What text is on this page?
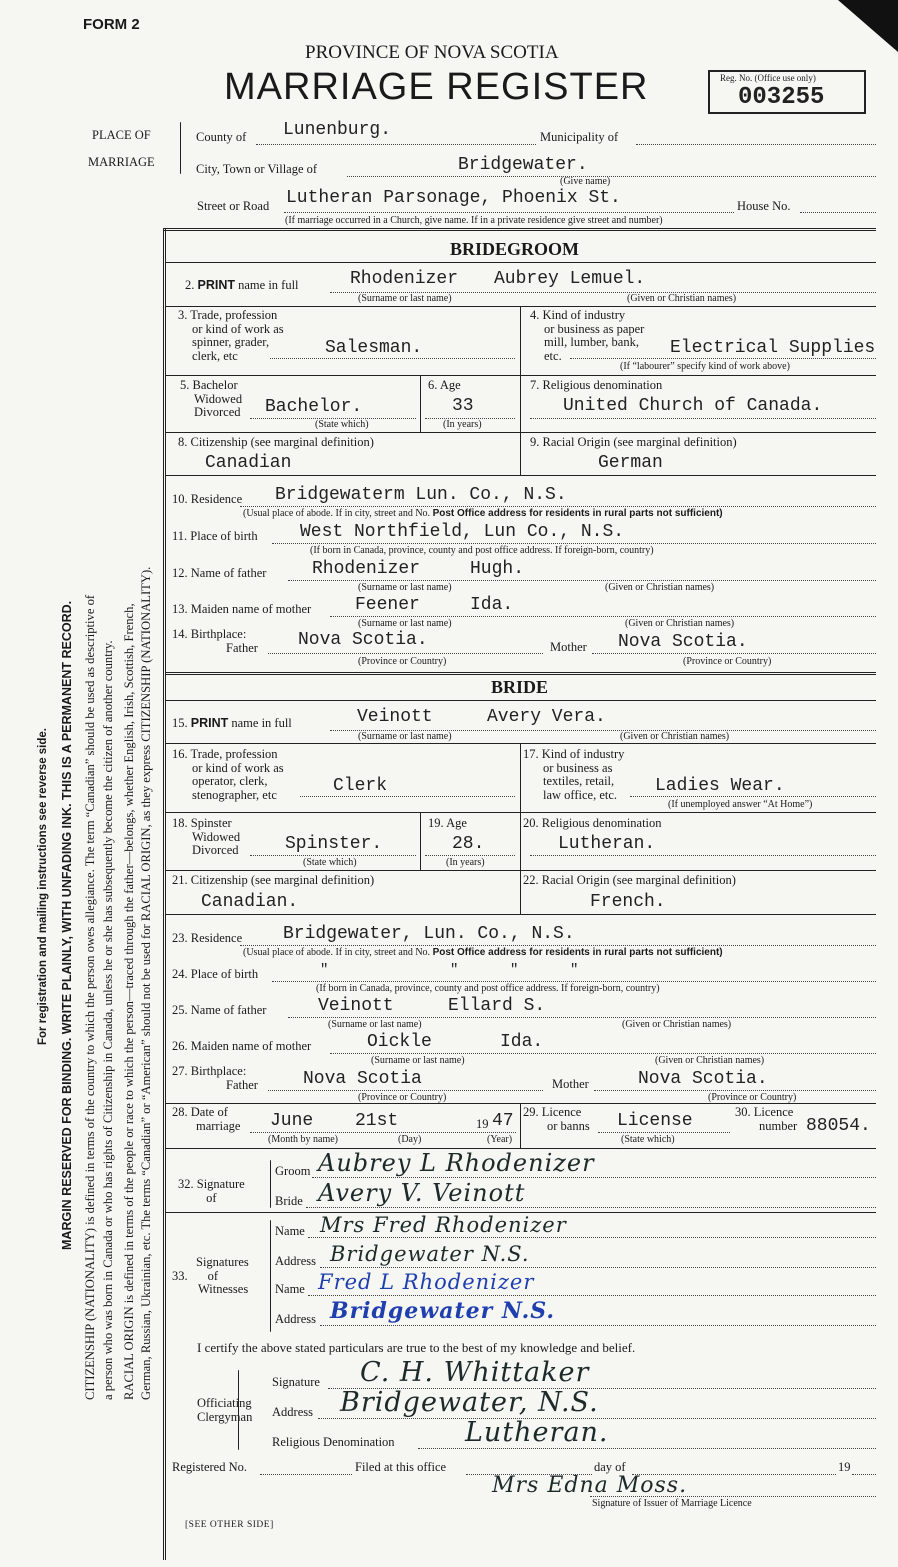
FORM 2
PROVINCE OF NOVA SCOTIA
MARRIAGE REGISTER	Reg. No. (Office use only)
003255
PLACE OF
MARRIAGE
County of Lunenburg.	Municipality of
City, Town or Village of	Bridgewater.
(Give name)
Lutheran Parsonage, Phoenix St.
Street or Road	House No.
(If marriage occurred in a Church, give name. If in a private residence give street and number)
For registration and mailing instructions see reverse side. MARGIN RESERVED FOR BINDING. WRITE PLAINLY, WITH UNFADING INK. THIS IS A PERMANENT RECORD. CITIZENSHIP (NATIONALITY) is defined in terms of the country to which the person owes allegiance. The term “Canadian” should be used as descriptive of a person who was born in Canada or who has rights of Citizenship in Canada, unless he or she has subsequently become the citizen of another country. RACIAL ORIGIN is defined in terms of the people or race to which the person—traced through the father—belongs, whether English, Irish, Scottish, French, German, Russian, Ukrainian, etc. The terms “Canadian” or “American” should not be used for RACIAL ORIGIN, as they express CITIZENSHIP (NATIONALITY).
BRIDEGROOM
2. PRINT name in full	Rhodenizer Aubrey Lemuel.
(Surname or last name)	(Given or Christian names)
3. Trade, profession
or kind of work as
spinner, grader,
clerk, etc	Salesman.
4. Kind of industry
or business as paper
mill, lumber, bank,
etc.	Electrical Supplies
(If “labourer” specify kind of work above)
5. Bachelor
Widowed
Divorced Bachelor.
(State which)
6. Age
33
(In years)
7. Religious denomination
United Church of Canada.
8. Citizenship (see marginal definition)
Canadian
9. Racial Origin (see marginal definition)
German
10. Residence Bridgewaterm Lun. Co., N.S.
(Usual place of abode. If in city, street and No. Post Office address for residents in rural parts not sufficient)
11. Place of birth West Northfield, Lun Co., N.S.
(If born in Canada, province, county and post office address. If foreign-born, country)
12. Name of father	Rhodenizer	Hugh.
(Surname or last name)	(Given or Christian names)
13. Maiden name of mother Feener	Ida.
(Surname or last name)	(Given or Christian names)
14. Birthplace:
Father Nova Scotia.	Mother Nova Scotia.
(Province or Country)	(Province or Country)
BRIDE
15. PRINT name in full	Veinott	Avery Vera.
(Surname or last name)	(Given or Christian names)
16. Trade, profession
or kind of work as
operator, clerk,
stenographer, etc	Clerk
17. Kind of industry
or business as
textiles, retail,
law office, etc.	Ladies Wear.
(If unemployed answer “At Home”)
18. Spinster
Widowed
Divorced	Spinster.
(State which)
19. Age
28.
(In years)
20. Religious denomination
Lutheran.
21. Citizenship (see marginal definition)
Canadian.
22. Racial Origin (see marginal definition)
French.
23. Residence Bridgewater, Lun. Co., N.S.
(Usual place of abode. If in city, street and No. Post Office address for residents in rural parts not sufficient)
24. Place of birth	"	"	"	"
(If born in Canada, province, county and post office address. If foreign-born, country)
25. Name of father	Veinott	Ellard S.
(Surname or last name)	(Given or Christian names)
26. Maiden name of mother	Oickle	Ida.
(Surname or last name)	(Given or Christian names)
27. Birthplace:
Father	Nova Scotia	Mother	Nova Scotia.
(Province or Country)	(Province or Country)
28. Date of
marriage June 21st	19 47
(Month by name)	(Day)	(Year)
29. Licence
or banns License
(State which)
30. Licence
number 88054.
32. Signature
of
Groom Aubrey L Rhodenizer
Bride Avery V. Veinott
Signatures
33. of
Witnesses
Name Mrs Fred Rhodenizer
Address Bridgewater N.S.
Name Fred L Rhodenizer
Address Bridgewater N.S.
I certify the above stated particulars are true to the best of my knowledge and belief.
Officiating
Clergyman
Signature C. H. Whittaker
Address Bridgewater, N.S.
Religious Denomination	Lutheran.
Registered No.	Filed at this office	day of	19
Mrs Edna Moss.
Signature of Issuer of Marriage Licence
[SEE OTHER SIDE]
